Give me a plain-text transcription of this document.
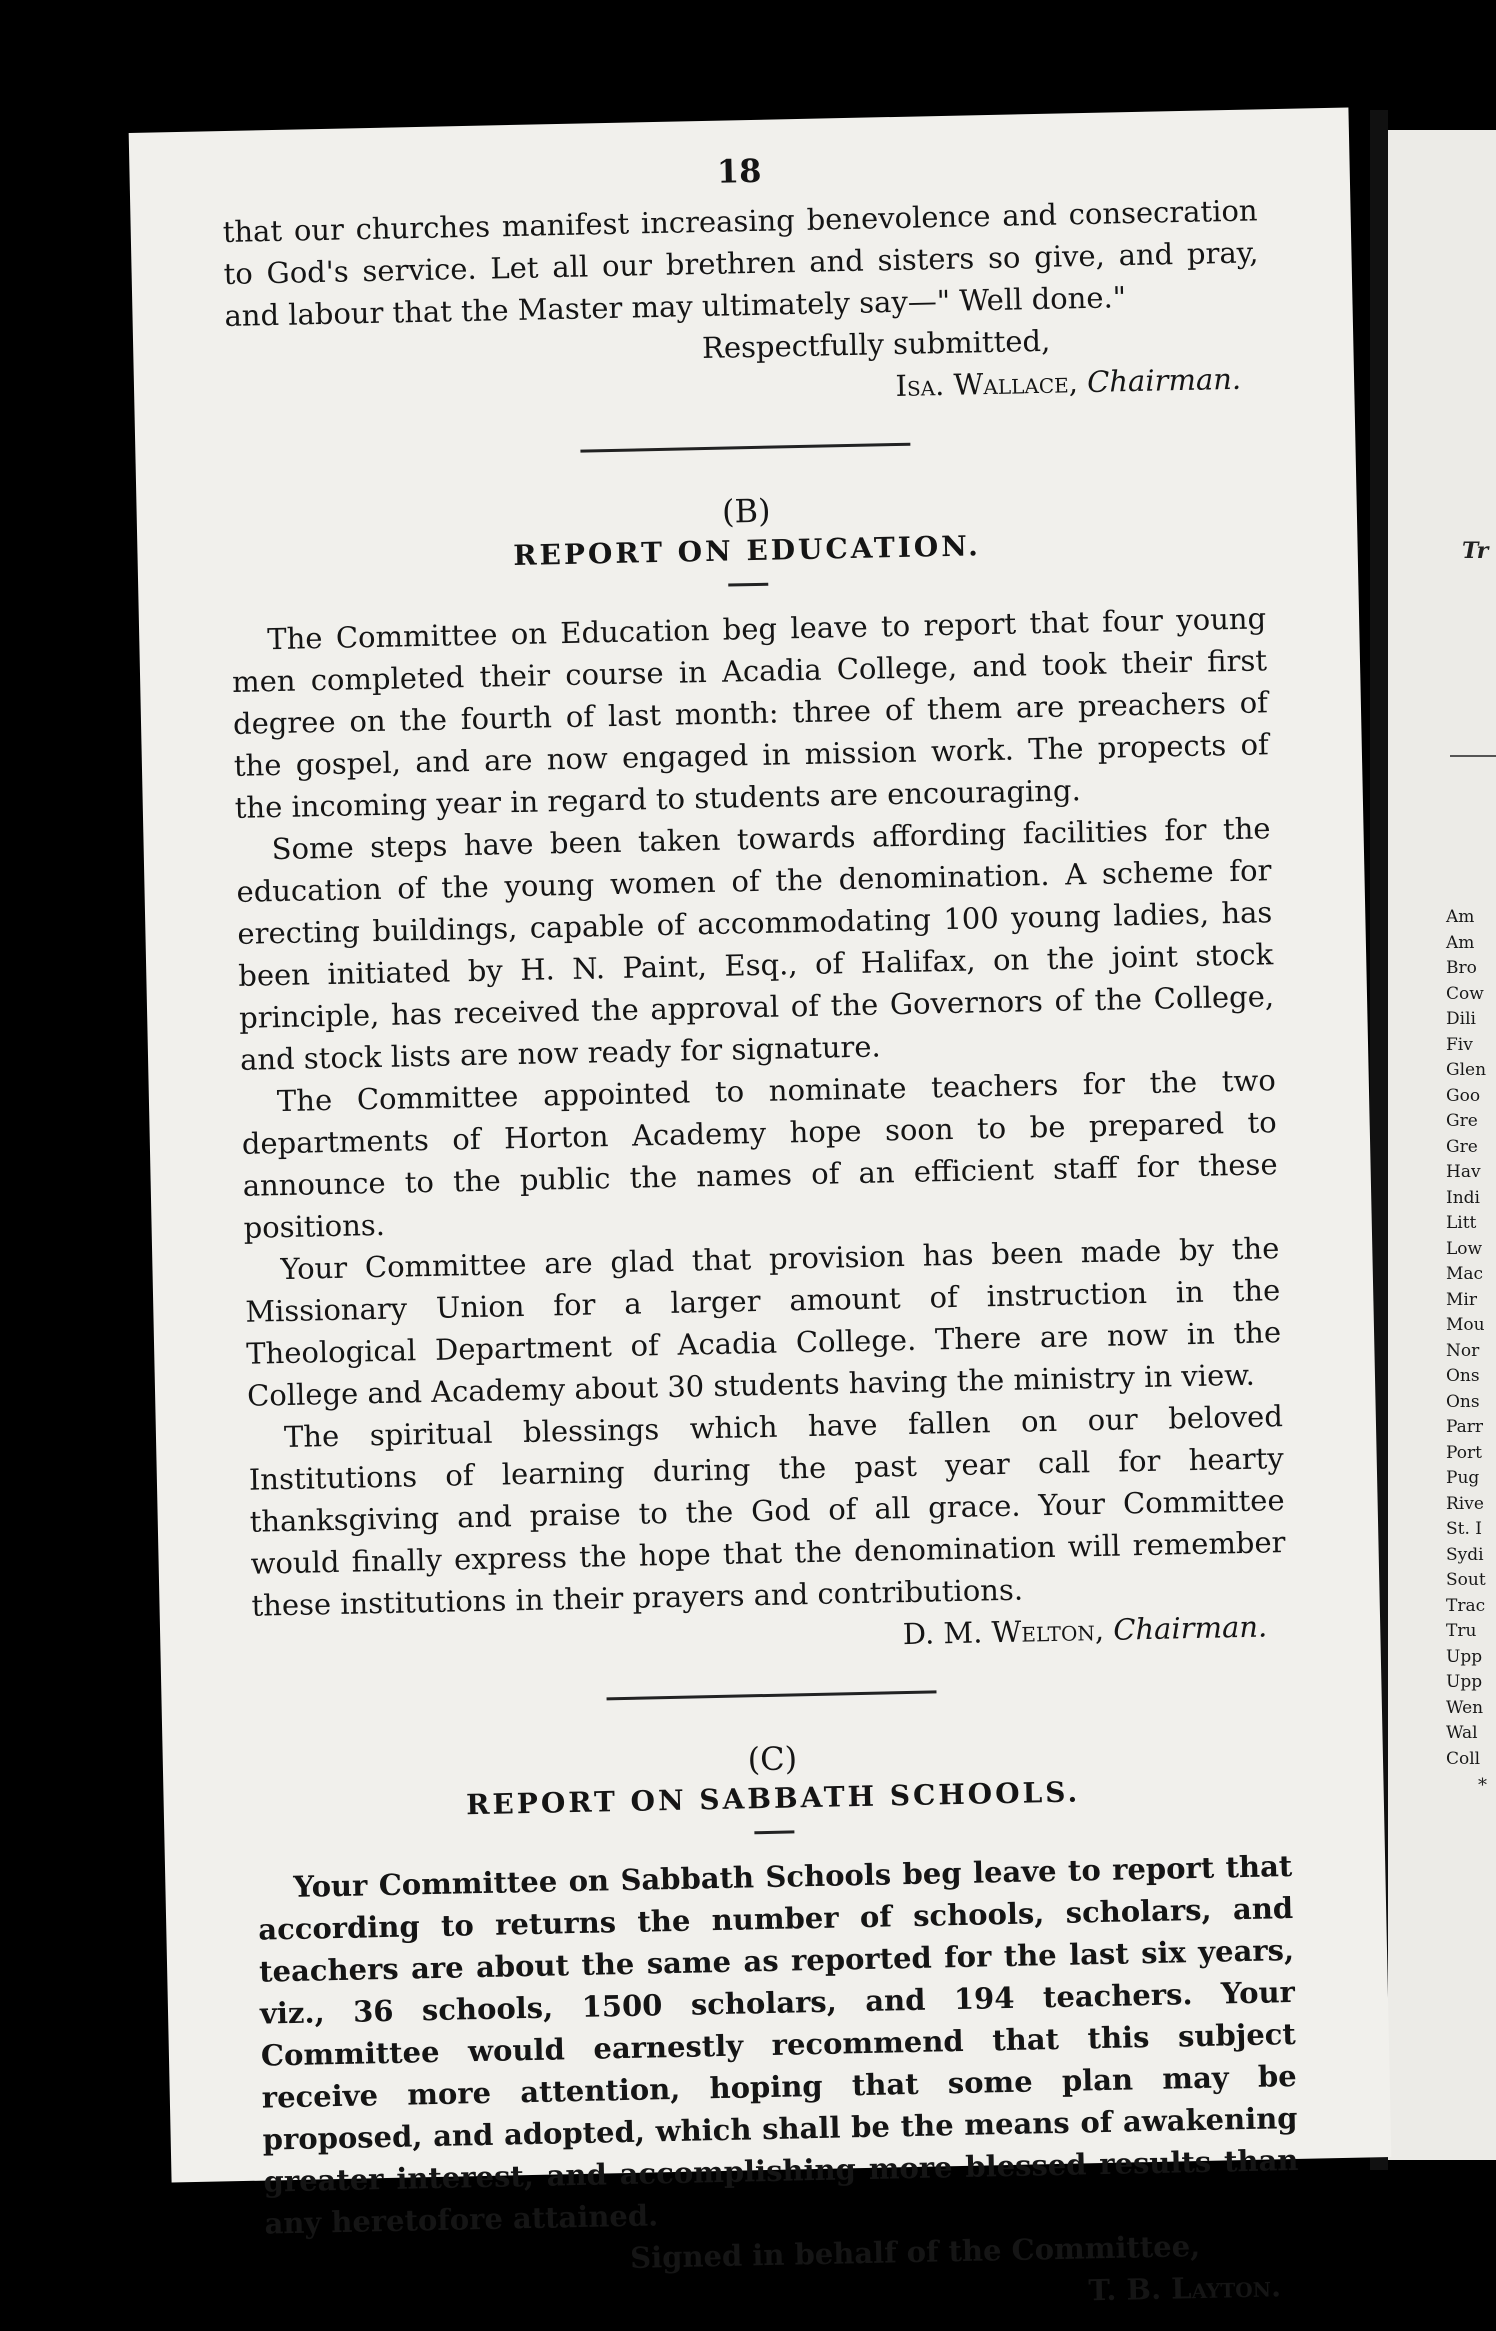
Tr
Am
Am
Bro
Cow
Dili
Fiv
Glen
Goo
Gre
Gre
Hav
Indi
Litt
Low
Mac
Mir
Mou
Nor
Ons
Ons
Parr
Port
Pug
Rive
St. I
Sydi
Sout
Trac
Tru
Upp
Upp
Wen
Wal
Coll
*
18

that our churches manifest increasing benevolence and consecration to God's service. Let all our brethren and sisters so give, and pray, and labour that the Master may ultimately say—" Well done."

Respectfully submitted,

Isa. Wallace, Chairman.

(B)
REPORT ON EDUCATION.

The Committee on Education beg leave to report that four young men completed their course in Acadia College, and took their first degree on the fourth of last month: three of them are preachers of the gospel, and are now engaged in mission work. The propects of the incoming year in regard to students are encouraging.

Some steps have been taken towards affording facilities for the education of the young women of the denomination. A scheme for erecting buildings, capable of accommodating 100 young ladies, has been initiated by H. N. Paint, Esq., of Halifax, on the joint stock principle, has received the approval of the Governors of the College, and stock lists are now ready for signature.

The Committee appointed to nominate teachers for the two departments of Horton Academy hope soon to be prepared to announce to the public the names of an efficient staff for these positions.

Your Committee are glad that provision has been made by the Missionary Union for a larger amount of instruction in the Theological Department of Acadia College. There are now in the College and Academy about 30 students having the ministry in view.

The spiritual blessings which have fallen on our beloved Institutions of learning during the past year call for hearty thanksgiving and praise to the God of all grace. Your Committee would finally express the hope that the denomination will remember these institutions in their prayers and contributions.

D. M. Welton, Chairman.

(C)
REPORT ON SABBATH SCHOOLS.

Your Committee on Sabbath Schools beg leave to report that according to returns the number of schools, scholars, and teachers are about the same as reported for the last six years, viz., 36 schools, 1500 scholars, and 194 teachers. Your Committee would earnestly recommend that this subject receive more attention, hoping that some plan may be proposed, and adopted, which shall be the means of awakening greater interest, and accomplishing more blessed results than any heretofore attained.

Signed in behalf of the Committee,

T. B. Layton.
